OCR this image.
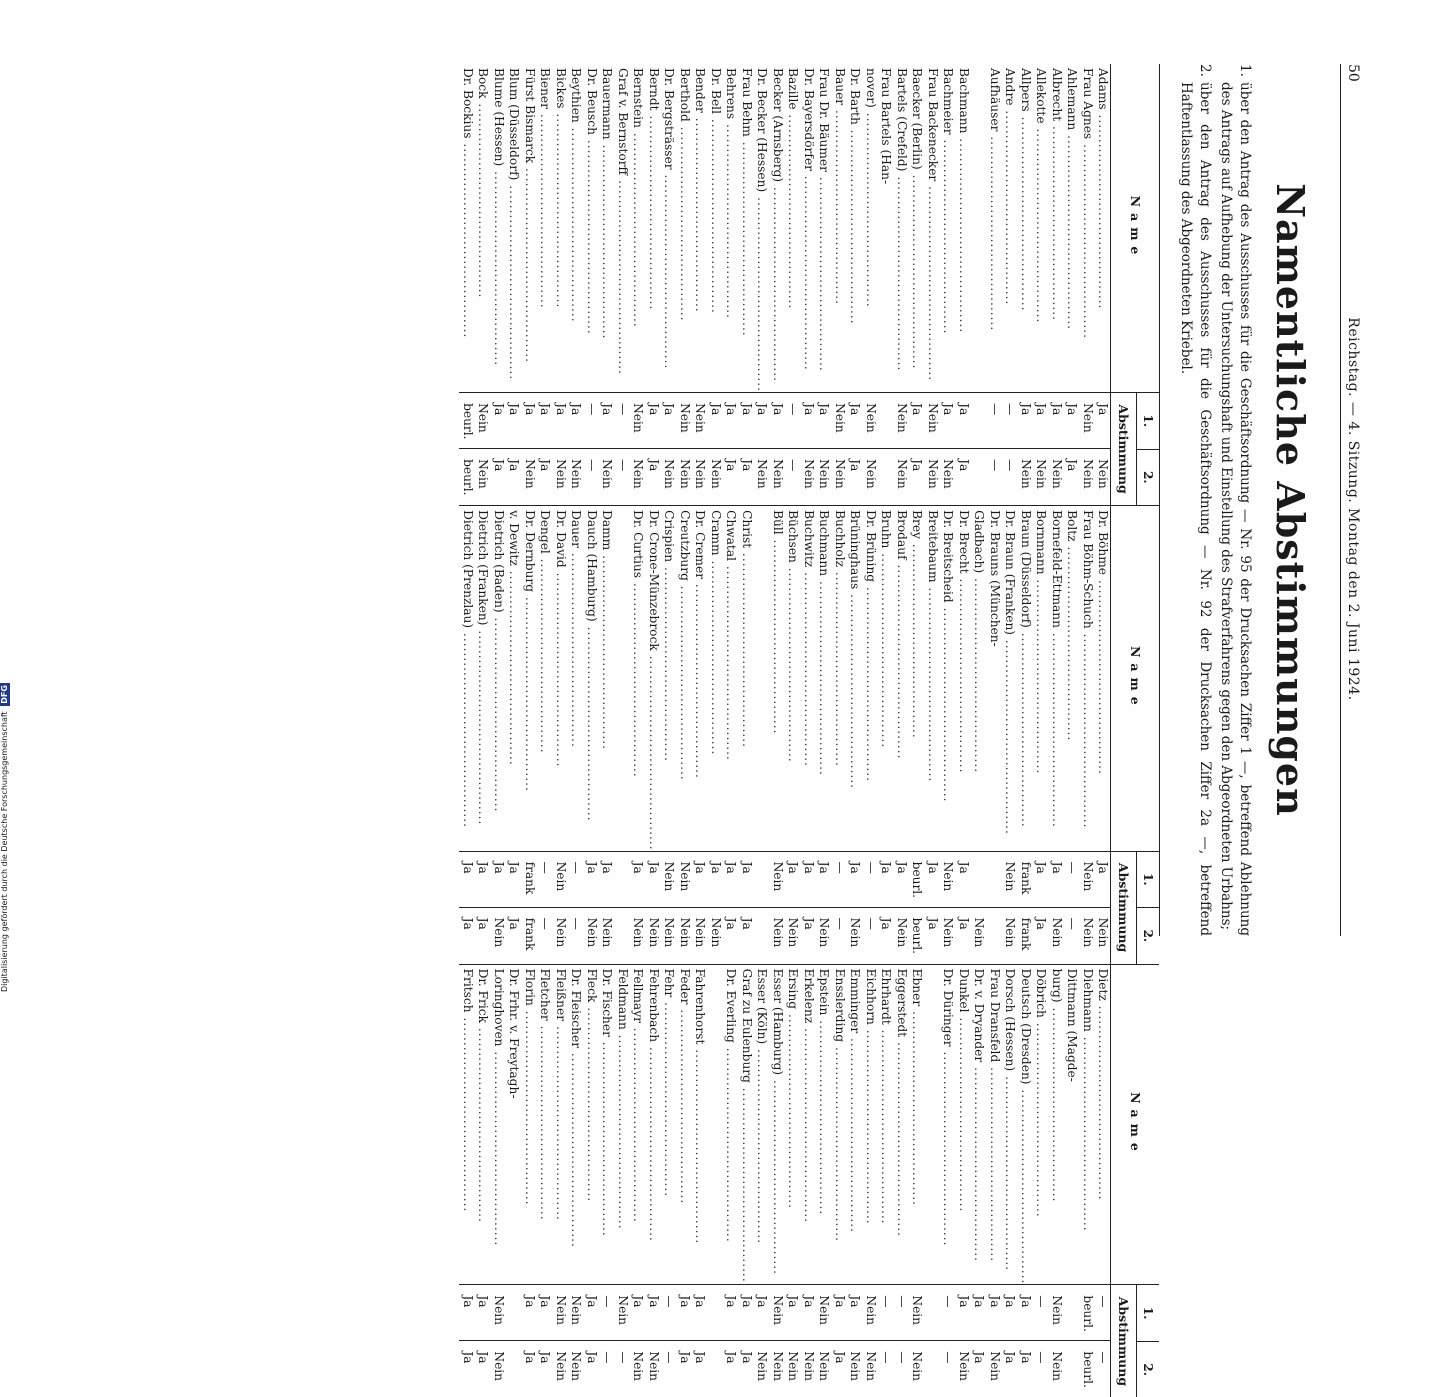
50
Reichstag. — 4. Sitzung. Montag den 2. Juni 1924.
Namentliche Abstimmungen
1.
über den Antrag des Ausschusses für die Geschäftsordnung — Nr. 95 der Drucksachen Ziffer 1 —, betreffend Ablehnung des Antrags auf Aufhebung der Untersuchungshaft und Einstellung des Strafverfahrens gegen den Abgeordneten Urbahns;
2.
über den Antrag des Ausschusses für die Geschäftsordnung — Nr. 92 der Drucksachen Ziffer 2a —, betreffend Haftentlassung des Abgeordneten Kriebel.
Name
1.
2.
Abstimmung
Adams ........................................
Ja
Nein
Frau Agnes ........................................
Nein
Nein
Ahlemann ........................................
Ja
Ja
Albrecht ........................................
Ja
Nein
Allekotte ........................................
Ja
Nein
Allpers ........................................
Ja
Nein
Andre ........................................
—
—
Aufhäuser ........................................
—
—
Bachmann ........................................
Ja
Ja
Bachmeier ........................................
Ja
Nein
Frau Backenecker ........................................
Nein
Nein
Baecker (Berlin) ........................................
Ja
Ja
Bartels (Crefeld) ........................................
Nein
Nein
Frau Bartels (Han-
nover) ........................................
Nein
Nein
Dr. Barth ........................................
Ja
Ja
Bauer ........................................
Nein
Nein
Frau Dr. Bäumer ........................................
Ja
Nein
Dr. Bayersdörfer ........................................
Ja
Nein
Bazille ........................................
—
—
Becker (Arnsberg) ........................................
Ja
Nein
Dr. Becker (Hessen) ........................................
Ja
Nein
Frau Behm ........................................
Ja
Ja
Behrens ........................................
Ja
Ja
Dr. Bell ........................................
Ja
Nein
Bender ........................................
Nein
Nein
Berthold ........................................
Nein
Nein
Dr. Bergsträsser ........................................
Ja
Nein
Berndt ........................................
Ja
Ja
Bernstein ........................................
Nein
Nein
Graf v. Bernstorff ........................................
—
—
Bauermann ........................................
Ja
Nein
Dr. Beusch ........................................
—
—
Beythien ........................................
Ja
Nein
Bickes ........................................
Ja
Nein
Biener ........................................
Ja
Ja
Fürst Bismarck ........................................
Ja
Nein
Blum (Düsseldorf) ........................................
Ja
Ja
Blume (Hessen) ........................................
Ja
Ja
Bock ........................................
Nein
Nein
Dr. Bockius ........................................
beurl.
beurl.
Name
1.
2.
Abstimmung
Dr. Böhme ........................................
Ja
Nein
Frau Böhm-Schuch ........................................
Nein
Nein
Boltz ........................................
—
—
Bornefeld-Ettmann ........................................
Ja
Nein
Bornmann ........................................
Ja
Ja
Braun (Düsseldorf) ........................................
frank
frank
Dr. Braun (Franken) ........................................
Nein
Nein
Dr. Brauns (München-
Gladbach) ........................................
Nein
Dr. Brecht ........................................
Ja
Ja
Dr. Breitscheid ........................................
Nein
Nein
Breitebaum ........................................
Ja
Ja
Brey ........................................
beurl.
beurl.
Brodauf ........................................
Ja
Nein
Bruhn ........................................
Ja
Ja
Dr. Brüning ........................................
—
—
Brüninghaus ........................................
Ja
Nein
Buchholz ........................................
—
—
Buchmann ........................................
Ja
Nein
Buchwitz ........................................
Ja
Ja
Büchsen ........................................
Ja
Nein
Büll ........................................
Nein
Nein
Christ ........................................
Ja
Ja
Chwatal ........................................
Ja
Ja
Cramm ........................................
Ja
Nein
Dr. Cremer ........................................
Ja
Nein
Creutzburg ........................................
Nein
Nein
Crispien ........................................
Nein
Nein
Dr. Crone-Münzebrock ........................................
Ja
Nein
Dr. Curtius ........................................
Ja
Nein
Damm ........................................
Ja
Nein
Dauch (Hamburg) ........................................
Ja
Nein
Dauer ........................................
—
—
Dr. David ........................................
Nein
Nein
Dengel ........................................
—
—
Dr. Dernburg ........................................
frank
frank
v. Dewitz ........................................
Ja
Ja
Dietrich (Baden) ........................................
Ja
Nein
Dietrich (Franken) ........................................
Ja
Ja
Dietrich (Prenzlau) ........................................
Ja
Ja
Name
1.
2.
Abstimmung
Dietz ........................................
—
—
Diehmann ........................................
beurl.
beurl.
Dittmann (Magde-
burg) ........................................
Nein
Nein
Döbrich ........................................
—
—
Deutsch (Dresden) ........................................
Ja
Ja
Dorsch (Hessen) ........................................
Ja
Ja
Frau Dransfeld ........................................
Ja
Nein
Dr. v. Dryander ........................................
Ja
Ja
Dunkel ........................................
Ja
Nein
Dr. Düringer ........................................
—
—
Ebner ........................................
Nein
Nein
Eggerstedt ........................................
—
—
Ehrhardt ........................................
—
—
Eichhorn ........................................
Nein
Nein
Emminger ........................................
Ja
Nein
Ensslerding ........................................
Ja
Ja
Epstein ........................................
Nein
Nein
Erkelenz ........................................
Ja
Nein
Ersing ........................................
Ja
Nein
Esser (Hamburg) ........................................
Nein
Nein
Esser (Köln) ........................................
Ja
Nein
Graf zu Eulenburg ........................................
Ja
Ja
Dr. Everling ........................................
Ja
Ja
Fahrenhorst ........................................
Ja
Ja
Feder ........................................
Ja
Ja
Fehr ........................................
—
—
Fehrenbach ........................................
Ja
Nein
Fellmayr ........................................
Ja
Nein
Feldmann ........................................
Nein
—
Dr. Fischer ........................................
—
—
Fleck ........................................
Ja
Ja
Dr. Fleischer ........................................
Nein
Nein
Fleißner ........................................
Nein
Nein
Fletcher ........................................
Ja
Ja
Florin ........................................
Ja
Ja
Dr. Frhr. v. Freytagh-
Loringhoven ........................................
Nein
Nein
Dr. Frick ........................................
Ja
Ja
Fritsch ........................................
Ja
Ja
Digitalisierung gefördert durch die Deutsche Forschungsgemeinschaft DFG
